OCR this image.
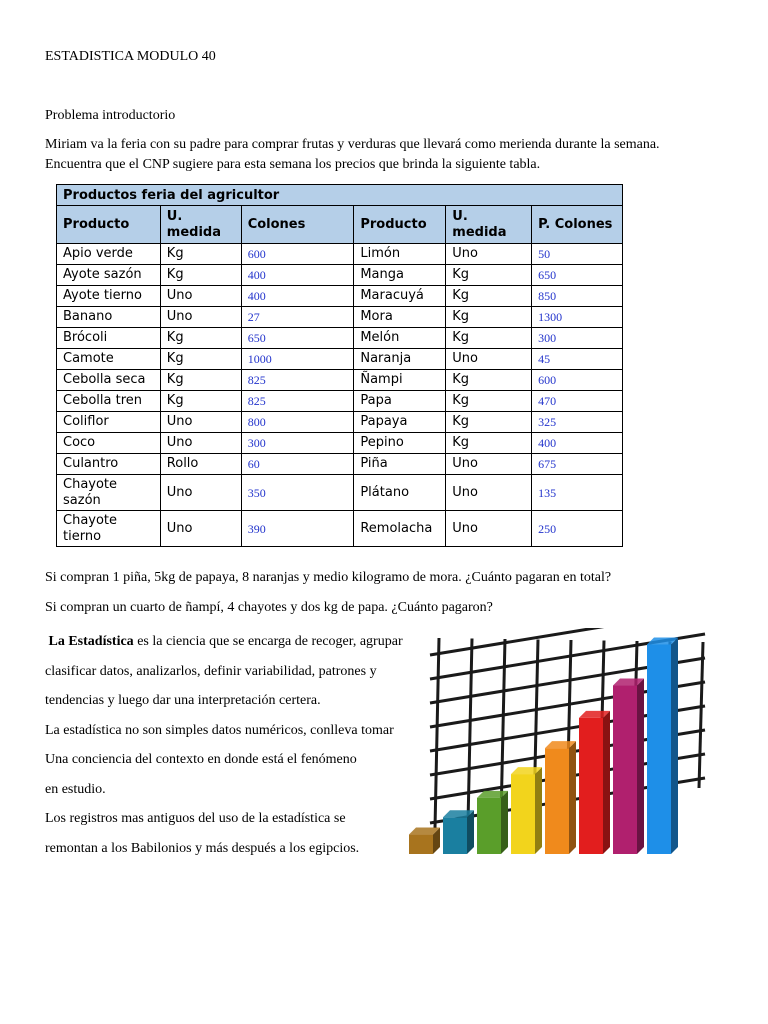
ESTADISTICA MODULO 40

Problema introductorio

Miriam va la feria con su padre para comprar frutas y verduras que llevará como merienda durante la semana.
Encuentra que el CNP sugiere para esta semana los precios que brinda la siguiente tabla.

Productos feria del agricultor					
Producto	U. medida	Colones	Producto	U. medida	P. Colones
Apio verde	Kg	600	Limón	Uno	50
Ayote sazón	Kg	400	Manga	Kg	650
Ayote tierno	Uno	400	Maracuyá	Kg	850
Banano	Uno	27	Mora	Kg	1300
Brócoli	Kg	650	Melón	Kg	300
Camote	Kg	1000	Naranja	Uno	45
Cebolla seca	Kg	825	Ñampi	Kg	600
Cebolla tren	Kg	825	Papa	Kg	470
Coliflor	Uno	800	Papaya	Kg	325
Coco	Uno	300	Pepino	Kg	400
Culantro	Rollo	60	Piña	Uno	675
Chayote sazón	Uno	350	Plátano	Uno	135
Chayote tierno	Uno	390	Remolacha	Uno	250

Si compran 1 piña, 5kg de papaya, 8 naranjas y medio kilogramo de mora. ¿Cuánto pagaran en total?

Si compran un cuarto de ñampí, 4 chayotes y dos kg de papa. ¿Cuánto pagaron?

La Estadística es la ciencia que se encarga de recoger, agrupar

clasificar datos, analizarlos, definir variabilidad, patrones y

tendencias y luego dar una interpretación certera.

La estadística no son simples datos numéricos, conlleva tomar

Una conciencia del contexto en donde está el fenómeno

en estudio.

Los registros mas antiguos del uso de la estadística se

remontan a los Babilonios y más después a los egipcios.
